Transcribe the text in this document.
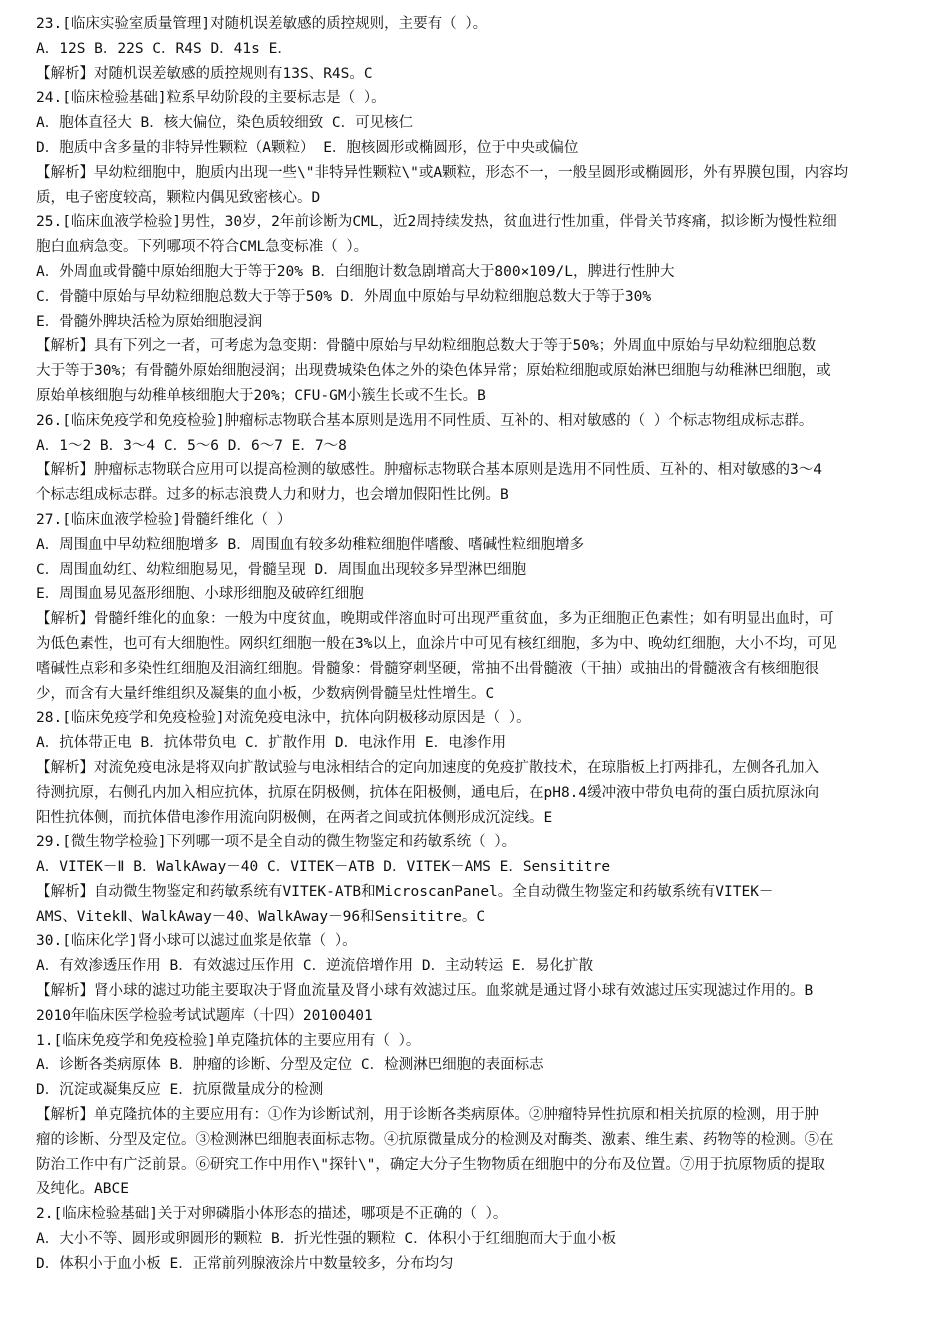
23.[临床实验室质量管理]对随机误差敏感的质控规则，主要有（ ）。
A．12S B．22S C．R4S D．41s E．
【解析】对随机误差敏感的质控规则有13S、R4S。C
24.[临床检验基础]粒系早幼阶段的主要标志是（ ）。
A．胞体直径大 B．核大偏位，染色质较细致 C．可见核仁
D．胞质中含多量的非特异性颗粒（A颗粒） E．胞核圆形或椭圆形，位于中央或偏位
【解析】早幼粒细胞中，胞质内出现一些\"非特异性颗粒\"或A颗粒，形态不一，一般呈圆形或椭圆形，外有界膜包围，内容均
质，电子密度较高，颗粒内偶见致密核心。D
25.[临床血液学检验]男性，30岁，2年前诊断为CML，近2周持续发热，贫血进行性加重，伴骨关节疼痛，拟诊断为慢性粒细
胞白血病急变。下列哪项不符合CML急变标准（ ）。
A．外周血或骨髓中原始细胞大于等于20% B．白细胞计数急剧增高大于800×109/L，脾进行性肿大
C．骨髓中原始与早幼粒细胞总数大于等于50% D．外周血中原始与早幼粒细胞总数大于等于30%
E．骨髓外脾块活检为原始细胞浸润
【解析】具有下列之一者，可考虑为急变期：骨髓中原始与早幼粒细胞总数大于等于50%；外周血中原始与早幼粒细胞总数
大于等于30%；有骨髓外原始细胞浸润；出现费城染色体之外的染色体异常；原始粒细胞或原始淋巴细胞与幼稚淋巴细胞，或
原始单核细胞与幼稚单核细胞大于20%；CFU-GM小簇生长或不生长。B
26.[临床免疫学和免疫检验]肿瘤标志物联合基本原则是选用不同性质、互补的、相对敏感的（ ）个标志物组成标志群。
A．1～2 B．3～4 C．5～6 D．6～7 E．7～8
【解析】肿瘤标志物联合应用可以提高检测的敏感性。肿瘤标志物联合基本原则是选用不同性质、互补的、相对敏感的3～4
个标志组成标志群。过多的标志浪费人力和财力，也会增加假阳性比例。B
27.[临床血液学检验]骨髓纤维化（ ）
A．周围血中早幼粒细胞增多 B．周围血有较多幼稚粒细胞伴嗜酸、嗜碱性粒细胞增多
C．周围血幼红、幼粒细胞易见，骨髓呈现 D．周围血出现较多异型淋巴细胞
E．周围血易见盔形细胞、小球形细胞及破碎红细胞
【解析】骨髓纤维化的血象：一般为中度贫血，晚期或伴溶血时可出现严重贫血，多为正细胞正色素性；如有明显出血时，可
为低色素性，也可有大细胞性。网织红细胞一般在3%以上，血涂片中可见有核红细胞，多为中、晚幼红细胞，大小不均，可见
嗜碱性点彩和多染性红细胞及泪滴红细胞。骨髓象：骨髓穿刺坚硬，常抽不出骨髓液（干抽）或抽出的骨髓液含有核细胞很
少，而含有大量纤维组织及凝集的血小板，少数病例骨髓呈灶性增生。C
28.[临床免疫学和免疫检验]对流免疫电泳中，抗体向阴极移动原因是（ ）。
A．抗体带正电 B．抗体带负电 C．扩散作用 D．电泳作用 E．电渗作用
【解析】对流免疫电泳是将双向扩散试验与电泳相结合的定向加速度的免疫扩散技术，在琼脂板上打两排孔，左侧各孔加入
待测抗原，右侧孔内加入相应抗体，抗原在阴极侧，抗体在阳极侧，通电后，在pH8.4缓冲液中带负电荷的蛋白质抗原泳向
阳性抗体侧，而抗体借电渗作用流向阴极侧，在两者之间或抗体侧形成沉淀线。E
29.[微生物学检验]下列哪一项不是全自动的微生物鉴定和药敏系统（ ）。
A．VITEK－Ⅱ B．WalkAway－40 C．VITEK－ATB D．VITEK－AMS E．Sensititre
【解析】自动微生物鉴定和药敏系统有VITEK-ATB和MicroscanPanel。全自动微生物鉴定和药敏系统有VITEK－
AMS、VitekⅡ、WalkAway－40、WalkAway－96和Sensititre。C
30.[临床化学]肾小球可以滤过血浆是依靠（ ）。
A．有效渗透压作用 B．有效滤过压作用 C．逆流倍增作用 D．主动转运 E．易化扩散
【解析】肾小球的滤过功能主要取决于肾血流量及肾小球有效滤过压。血浆就是通过肾小球有效滤过压实现滤过作用的。B
2010年临床医学检验考试试题库（十四）20100401
1.[临床免疫学和免疫检验]单克隆抗体的主要应用有（ ）。
A．诊断各类病原体 B．肿瘤的诊断、分型及定位 C．检测淋巴细胞的表面标志
D．沉淀或凝集反应 E．抗原微量成分的检测
【解析】单克隆抗体的主要应用有：①作为诊断试剂，用于诊断各类病原体。②肿瘤特异性抗原和相关抗原的检测，用于肿
瘤的诊断、分型及定位。③检测淋巴细胞表面标志物。④抗原微量成分的检测及对酶类、激素、维生素、药物等的检测。⑤在
防治工作中有广泛前景。⑥研究工作中用作\"探针\"，确定大分子生物物质在细胞中的分布及位置。⑦用于抗原物质的提取
及纯化。ABCE
2.[临床检验基础]关于对卵磷脂小体形态的描述，哪项是不正确的（ ）。
A．大小不等、圆形或卵圆形的颗粒 B．折光性强的颗粒 C．体积小于红细胞而大于血小板
D．体积小于血小板 E．正常前列腺液涂片中数量较多，分布均匀
